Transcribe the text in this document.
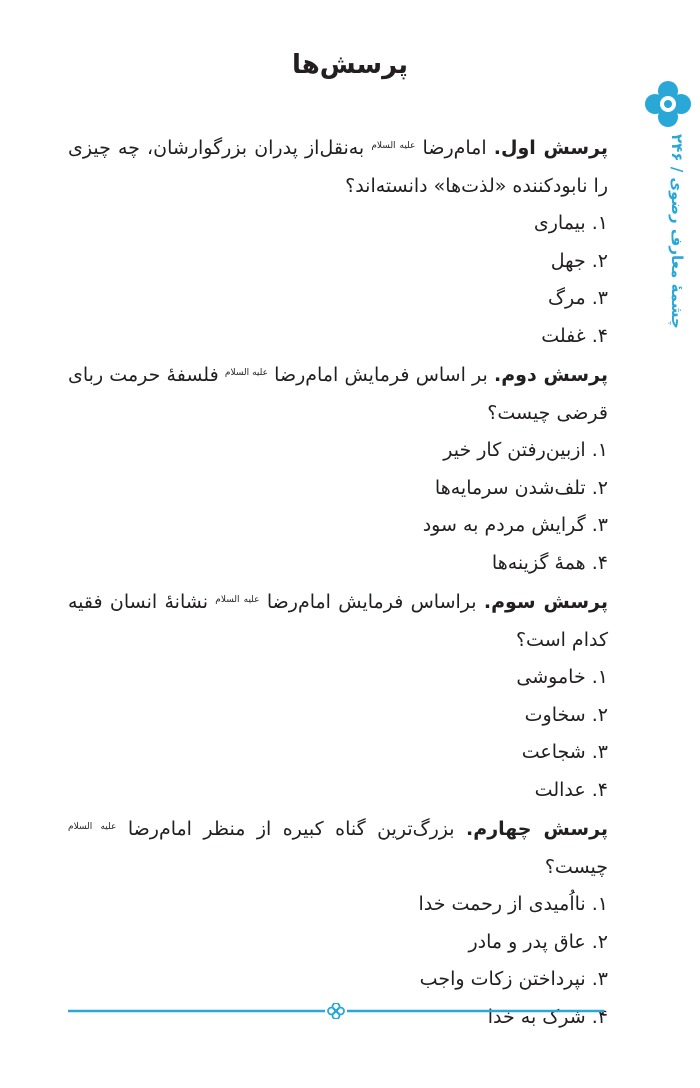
پرسش‌ها
چشمهٔ معارف رضوی / ۲۴۶

پرسش اول. امام‌رضا $^{عليه السلام}$ به‌نقل‌از پدران بزرگوارشان، چه چیزی را نابودکننده «لذت‌ها» دانسته‌اند؟

۱. بیماری

۲. جهل

۳. مرگ

۴. غفلت

پرسش دوم. بر اساس فرمایش امام‌رضا $^{عليه السلام}$ فلسفهٔ حرمت ربای قرضی چیست؟

۱. ازبین‌رفتن کار خیر

۲. تلف‌شدن سرمایه‌ها

۳. گرایش مردم به سود

۴. همهٔ گزینه‌ها

پرسش سوم. براساس فرمایش امام‌رضا $^{عليه السلام}$ نشانهٔ انسان فقیه کدام است؟

۱. خاموشی

۲. سخاوت

۳. شجاعت

۴. عدالت

پرسش چهارم. بزرگ‌ترین گناه کبیره از منظر امام‌رضا $^{عليه السلام}$ چیست؟

۱. نااُمیدی از رحمت خدا

۲. عاق پدر و مادر

۳. نپرداختن زکات واجب

۴. شرک به خدا
